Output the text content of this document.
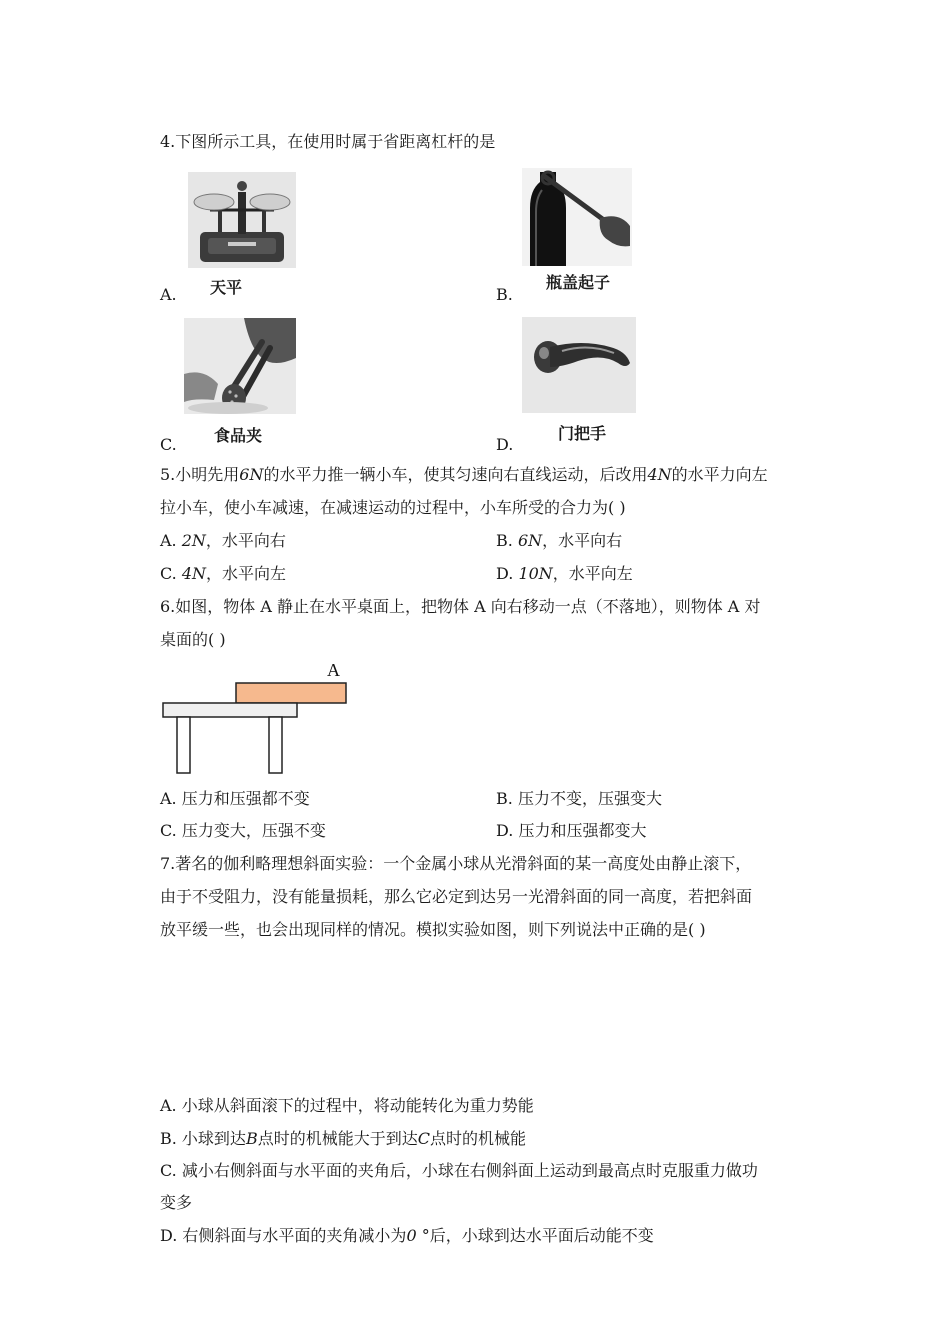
4.下图所示工具，在使用时属于省距离杠杆的是
A. 天平	B.
瓶盖起子
C. 食品夹	D.
门把手
5.小明先用6N的水平力推一辆小车，使其匀速向右直线运动，后改用4N的水平力向左
拉小车，使小车减速，在减速运动的过程中，小车所受的合力为( )
A. 2N，水平向右	B. 6N，水平向右
C. 4N，水平向左	D. 10N，水平向左
6.如图，物体 A 静止在水平桌面上，把物体 A 向右移动一点（不落地），则物体 A 对
桌面的( )
A
A. 压力和压强都不变	B. 压力不变，压强变大
C. 压力变大，压强不变	D. 压力和压强都变大
7.著名的伽利略理想斜面实验：一个金属小球从光滑斜面的某一高度处由静止滚下，
由于不受阻力，没有能量损耗，那么它必定到达另一光滑斜面的同一高度，若把斜面
放平缓一些，也会出现同样的情况。模拟实验如图，则下列说法中正确的是( )
A. 小球从斜面滚下的过程中，将动能转化为重力势能
B. 小球到达B点时的机械能大于到达C点时的机械能
C. 减小右侧斜面与水平面的夹角后，小球在右侧斜面上运动到最高点时克服重力做功
变多
D. 右侧斜面与水平面的夹角减小为0 °后，小球到达水平面后动能不变
